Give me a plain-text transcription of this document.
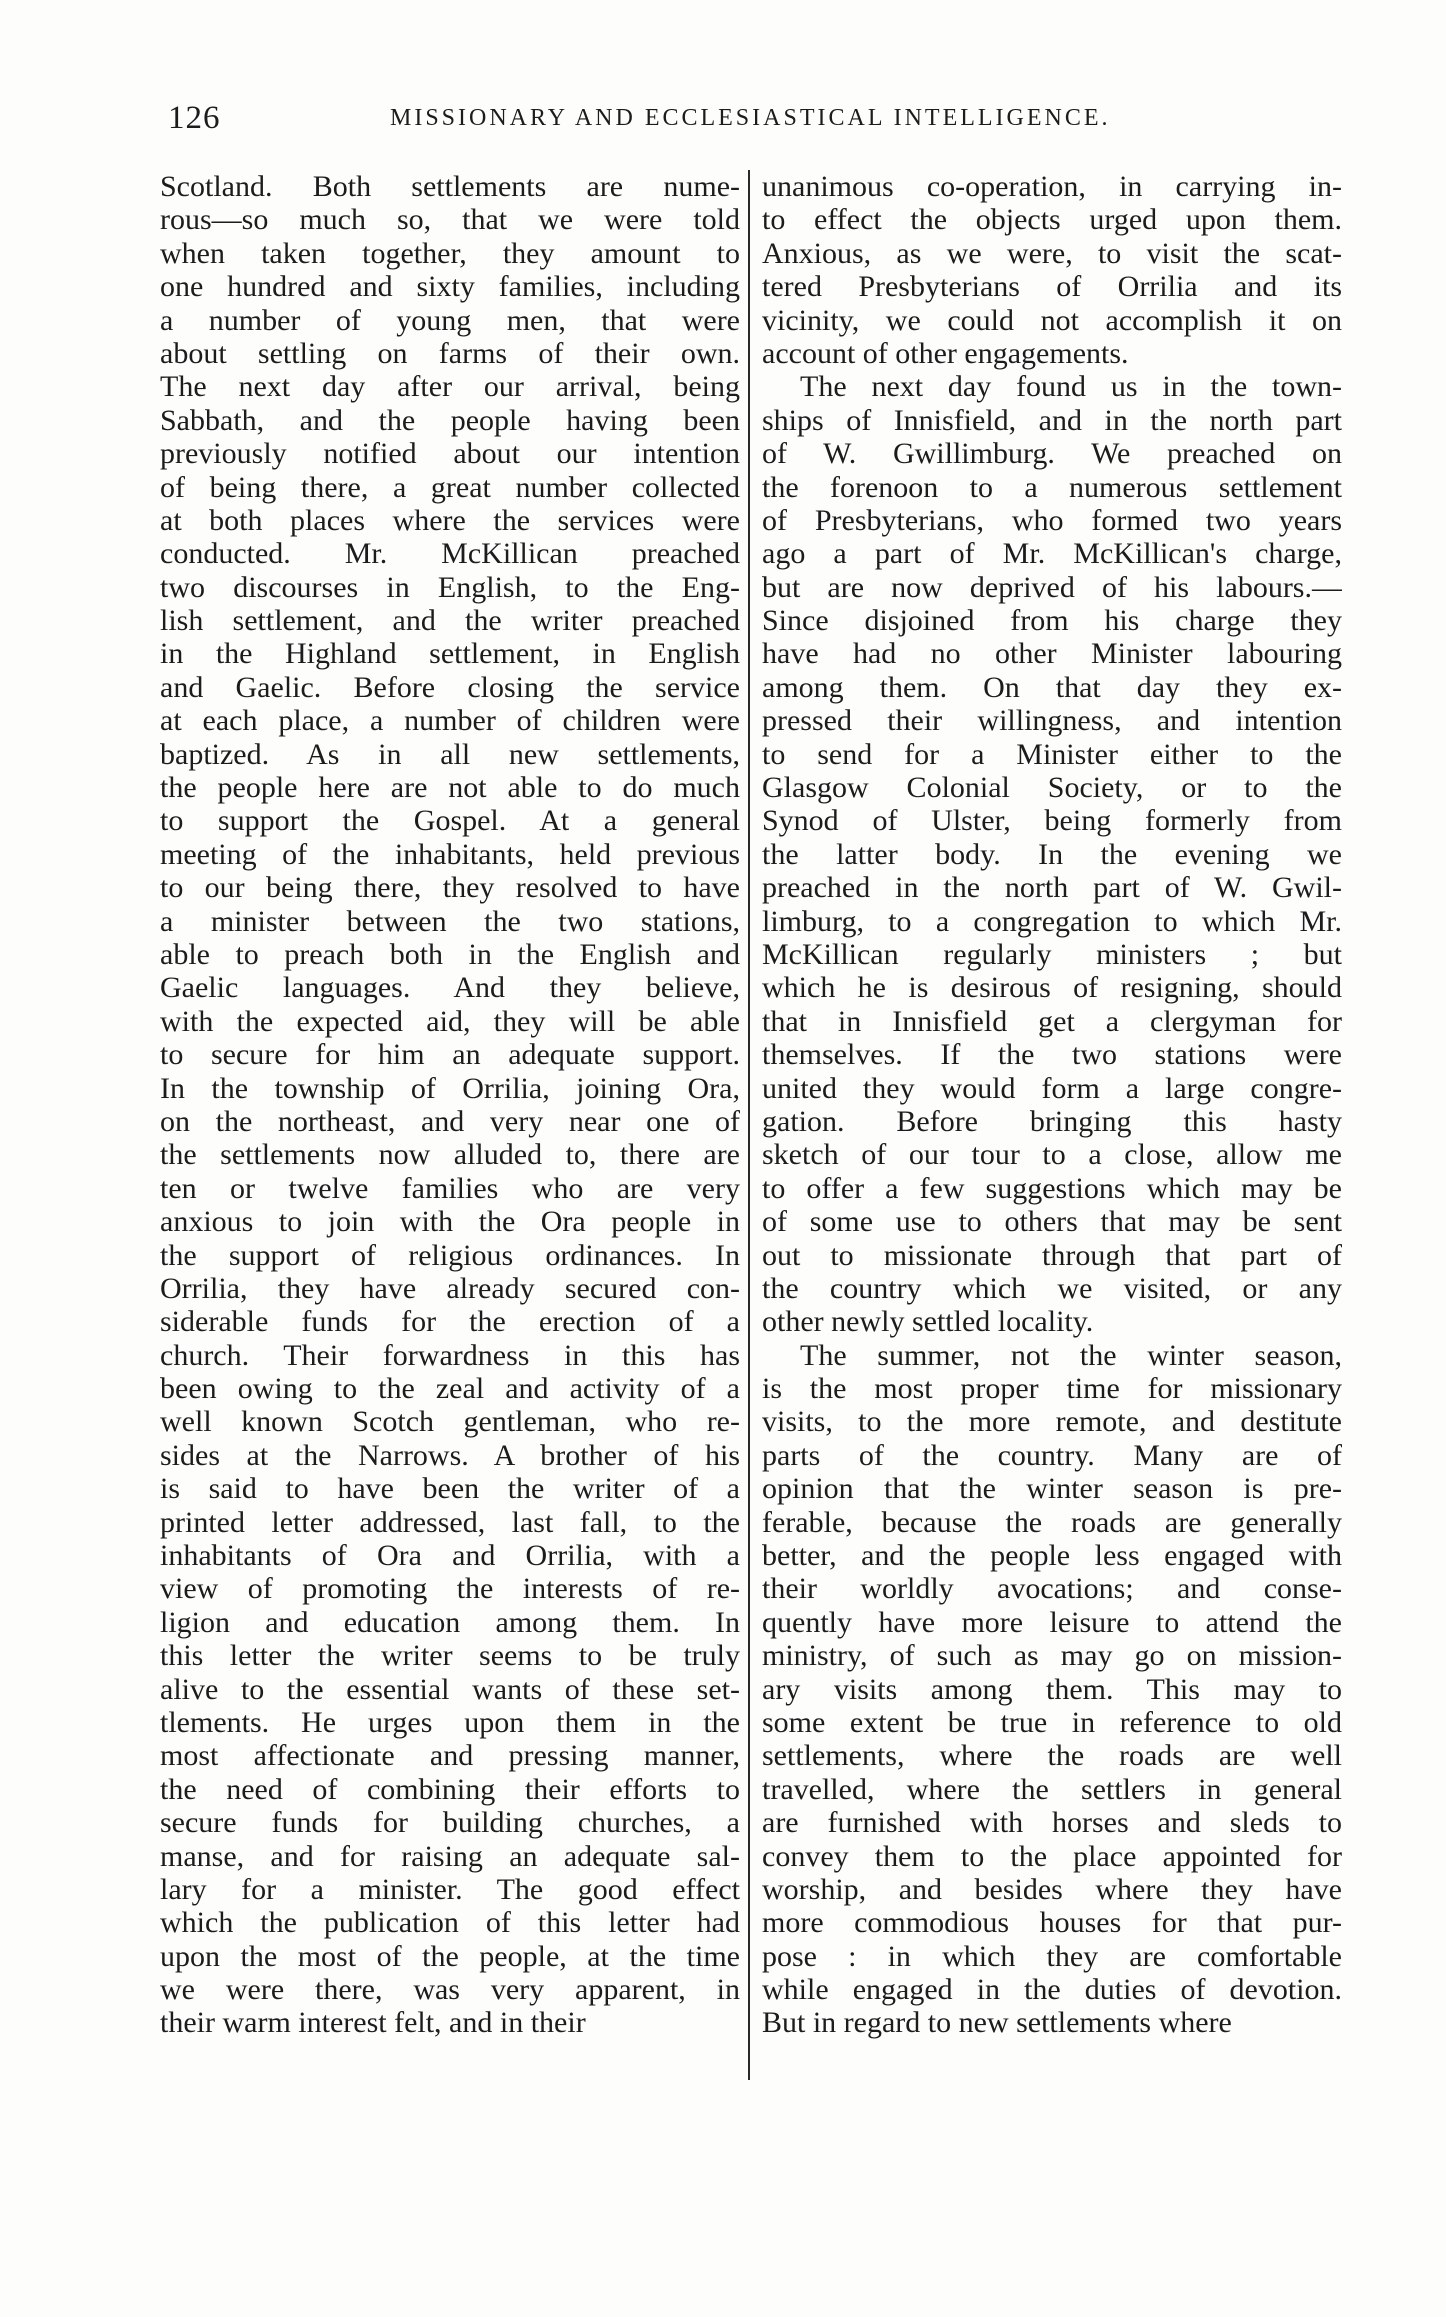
126	MISSIONARY AND ECCLESIASTICAL INTELLIGENCE.
Scotland. Both settlements are nume-
rous—so much so, that we were told
when taken together, they amount to
one hundred and sixty families, including
a number of young men, that were
about settling on farms of their own.
The next day after our arrival, being
Sabbath, and the people having been
previously notified about our intention
of being there, a great number collected
at both places where the services were
conducted. Mr. McKillican preached
two discourses in English, to the Eng-
lish settlement, and the writer preached
in the Highland settlement, in English
and Gaelic. Before closing the service
at each place, a number of children were
baptized. As in all new settlements,
the people here are not able to do much
to support the Gospel. At a general
meeting of the inhabitants, held previous
to our being there, they resolved to have
a minister between the two stations,
able to preach both in the English and
Gaelic languages. And they believe,
with the expected aid, they will be able
to secure for him an adequate support.
In the township of Orrilia, joining Ora,
on the northeast, and very near one of
the settlements now alluded to, there are
ten or twelve families who are very
anxious to join with the Ora people in
the support of religious ordinances. In
Orrilia, they have already secured con-
siderable funds for the erection of a
church. Their forwardness in this has
been owing to the zeal and activity of a
well known Scotch gentleman, who re-
sides at the Narrows. A brother of his
is said to have been the writer of a
printed letter addressed, last fall, to the
inhabitants of Ora and Orrilia, with a
view of promoting the interests of re-
ligion and education among them. In
this letter the writer seems to be truly
alive to the essential wants of these set-
tlements. He urges upon them in the
most affectionate and pressing manner,
the need of combining their efforts to
secure funds for building churches, a
manse, and for raising an adequate sal-
lary for a minister. The good effect
which the publication of this letter had
upon the most of the people, at the time
we were there, was very apparent, in
their warm interest felt, and in their
unanimous co-operation, in carrying in-
to effect the objects urged upon them.
Anxious, as we were, to visit the scat-
tered Presbyterians of Orrilia and its
vicinity, we could not accomplish it on
account of other engagements.
The next day found us in the town-
ships of Innisfield, and in the north part
of W. Gwillimburg. We preached on
the forenoon to a numerous settlement
of Presbyterians, who formed two years
ago a part of Mr. McKillican's charge,
but are now deprived of his labours.—
Since disjoined from his charge they
have had no other Minister labouring
among them. On that day they ex-
pressed their willingness, and intention
to send for a Minister either to the
Glasgow Colonial Society, or to the
Synod of Ulster, being formerly from
the latter body. In the evening we
preached in the north part of W. Gwil-
limburg, to a congregation to which Mr.
McKillican regularly ministers ; but
which he is desirous of resigning, should
that in Innisfield get a clergyman for
themselves. If the two stations were
united they would form a large congre-
gation. Before bringing this hasty
sketch of our tour to a close, allow me
to offer a few suggestions which may be
of some use to others that may be sent
out to missionate through that part of
the country which we visited, or any
other newly settled locality.
The summer, not the winter season,
is the most proper time for missionary
visits, to the more remote, and destitute
parts of the country. Many are of
opinion that the winter season is pre-
ferable, because the roads are generally
better, and the people less engaged with
their worldly avocations; and conse-
quently have more leisure to attend the
ministry, of such as may go on mission-
ary visits among them. This may to
some extent be true in reference to old
settlements, where the roads are well
travelled, where the settlers in general
are furnished with horses and sleds to
convey them to the place appointed for
worship, and besides where they have
more commodious houses for that pur-
pose : in which they are comfortable
while engaged in the duties of devotion.
But in regard to new settlements where
